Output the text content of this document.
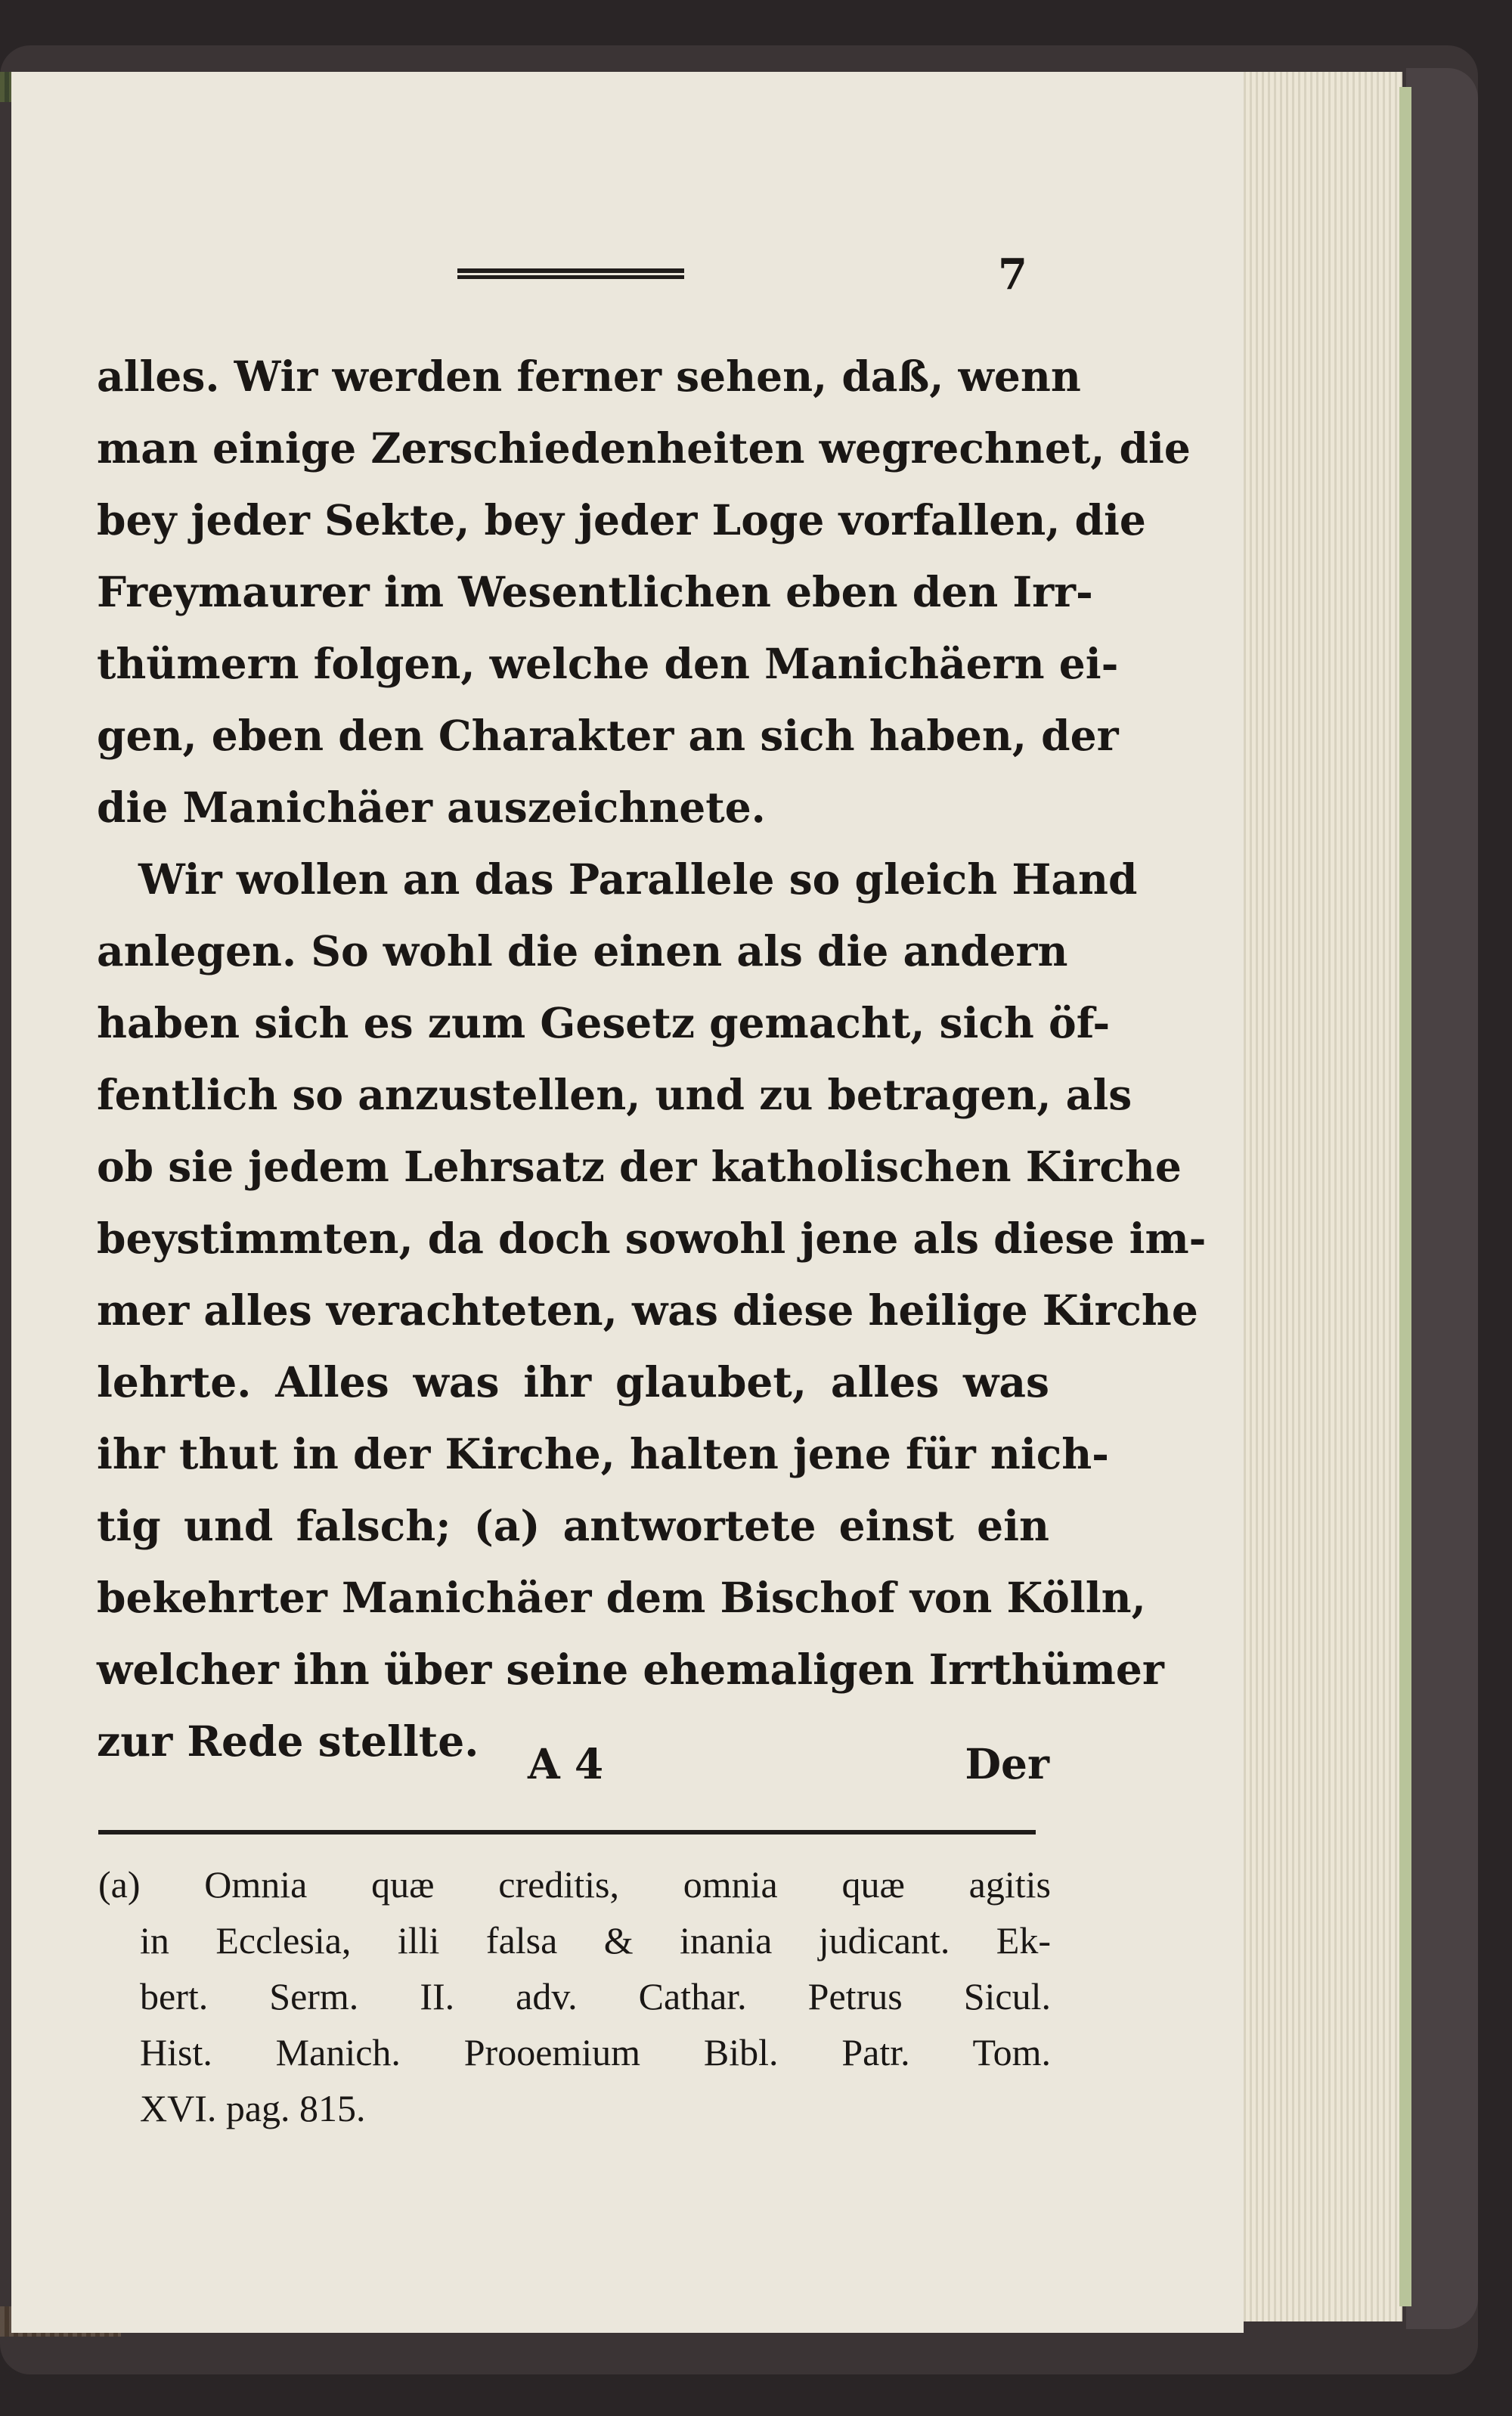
7
alles. Wir werden ferner sehen, daß, wenn
man einige Zerschiedenheiten wegrechnet, die
bey jeder Sekte, bey jeder Loge vorfallen, die
Freymaurer im Wesentlichen eben den Irr-
thümern folgen, welche den Manichäern ei-
gen, eben den Charakter an sich haben, der
die Manichäer auszeichnete.
Wir wollen an das Parallele so gleich Hand
anlegen. So wohl die einen als die andern
haben sich es zum Gesetz gemacht, sich öf-
fentlich so anzustellen, und zu betragen, als
ob sie jedem Lehrsatz der katholischen Kirche
beystimmten, da doch sowohl jene als diese im-
mer alles verachteten, was diese heilige Kirche
lehrte. Alles was ihr glaubet, alles was
ihr thut in der Kirche, halten jene für nich-
tig und falsch; (a) antwortete einst ein
bekehrter Manichäer dem Bischof von Kölln,
welcher ihn über seine ehemaligen Irrthümer
zur Rede stellte.	A 4	Der
(a) Omnia quæ creditis, omnia quæ agitis
in Ecclesia, illi falsa & inania judicant. Ek-
bert. Serm. II. adv. Cathar. Petrus Sicul.
Hist. Manich. Prooemium Bibl. Patr. Tom.
XVI. pag. 815.
